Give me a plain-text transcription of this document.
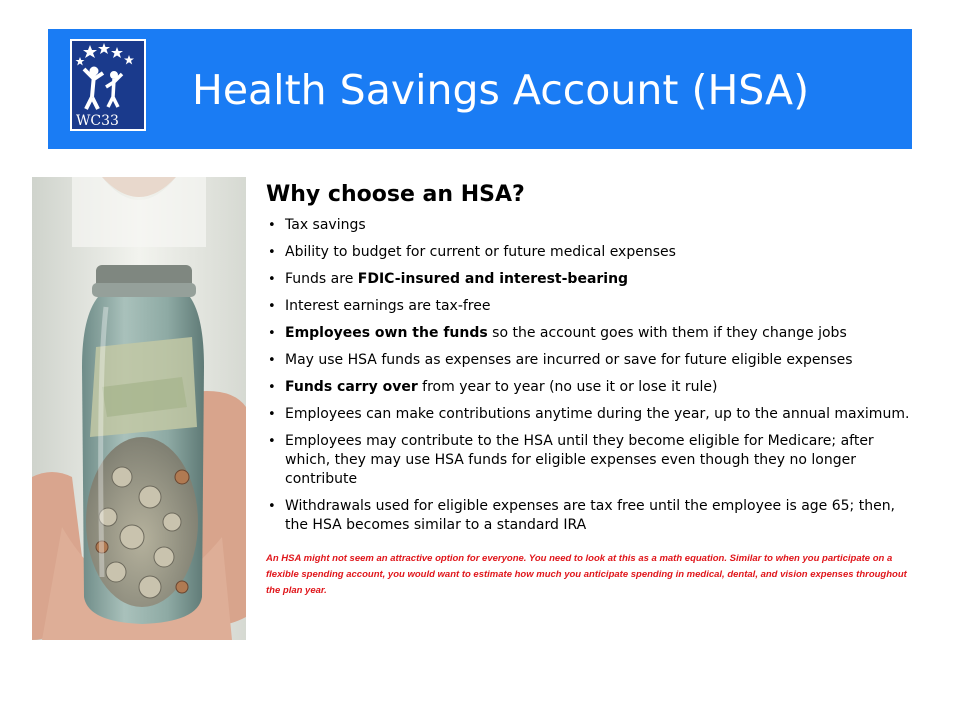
WC33
Health Savings Account (HSA)
Why choose an HSA?
• Tax savings
• Ability to budget for current or future medical expenses
• Funds are FDIC-insured and interest-bearing
• Interest earnings are tax-free
• Employees own the funds so the account goes with them if they change jobs
• May use HSA funds as expenses are incurred or save for future eligible expenses
• Funds carry over from year to year (no use it or lose it rule)
• Employees can make contributions anytime during the year, up to the annual maximum.
• Employees may contribute to the HSA until they become eligible for Medicare; after which, they may use HSA funds for eligible expenses even though they no longer contribute
• Withdrawals used for eligible expenses are tax free until the employee is age 65; then, the HSA becomes similar to a standard IRA
An HSA might not seem an attractive option for everyone. You need to look at this as a math equation. Similar to when you participate on a flexible spending account, you would want to estimate how much you anticipate spending in medical, dental, and vision expenses throughout the plan year.
